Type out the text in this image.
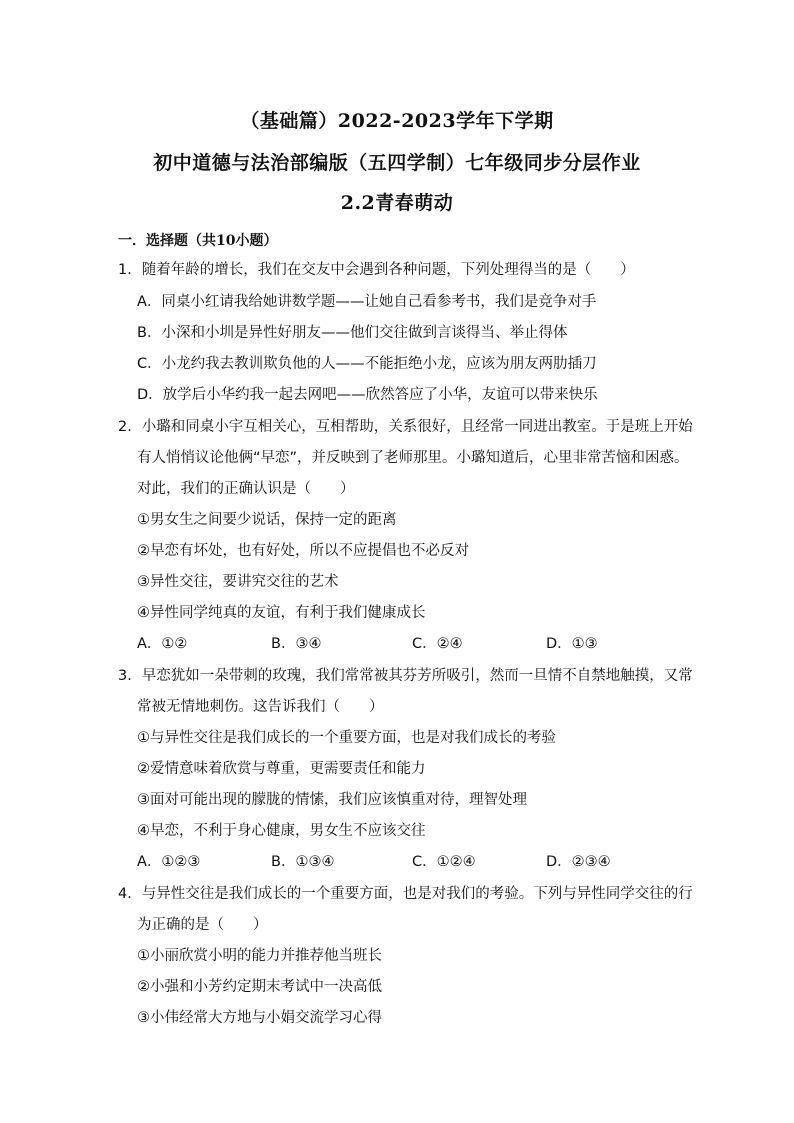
（基础篇）2022-2023学年下学期
初中道德与法治部编版（五四学制）七年级同步分层作业
2.2青春萌动
一．选择题（共10小题）
1．随着年龄的增长，我们在交友中会遇到各种问题，下列处理得当的是（　　）
A．同桌小红请我给她讲数学题——让她自己看参考书，我们是竞争对手
B．小深和小圳是异性好朋友——他们交往做到言谈得当、举止得体
C．小龙约我去教训欺负他的人——不能拒绝小龙，应该为朋友两肋插刀
D．放学后小华约我一起去网吧——欣然答应了小华，友谊可以带来快乐
2．小璐和同桌小宇互相关心，互相帮助，关系很好，且经常一同进出教室。于是班上开始
有人悄悄议论他俩“早恋”，并反映到了老师那里。小璐知道后，心里非常苦恼和困惑。
对此，我们的正确认识是（　　）
①男女生之间要少说话，保持一定的距离
②早恋有坏处，也有好处，所以不应提倡也不必反对
③异性交往，要讲究交往的艺术
④异性同学纯真的友谊，有利于我们健康成长
A．①②	B．③④	C．②④	D．①③
3．早恋犹如一朵带刺的玫瑰，我们常常被其芬芳所吸引，然而一旦情不自禁地触摸，又常
常被无情地刺伤。这告诉我们（　　）
①与异性交往是我们成长的一个重要方面，也是对我们成长的考验
②爱情意味着欣赏与尊重，更需要责任和能力
③面对可能出现的朦胧的情愫，我们应该慎重对待，理智处理
④早恋，不利于身心健康，男女生不应该交往
A．①②③	B．①③④	C．①②④	D．②③④
4．与异性交往是我们成长的一个重要方面，也是对我们的考验。下列与异性同学交往的行
为正确的是（　　）
①小丽欣赏小明的能力并推荐他当班长
②小强和小芳约定期末考试中一决高低
③小伟经常大方地与小娟交流学习心得
